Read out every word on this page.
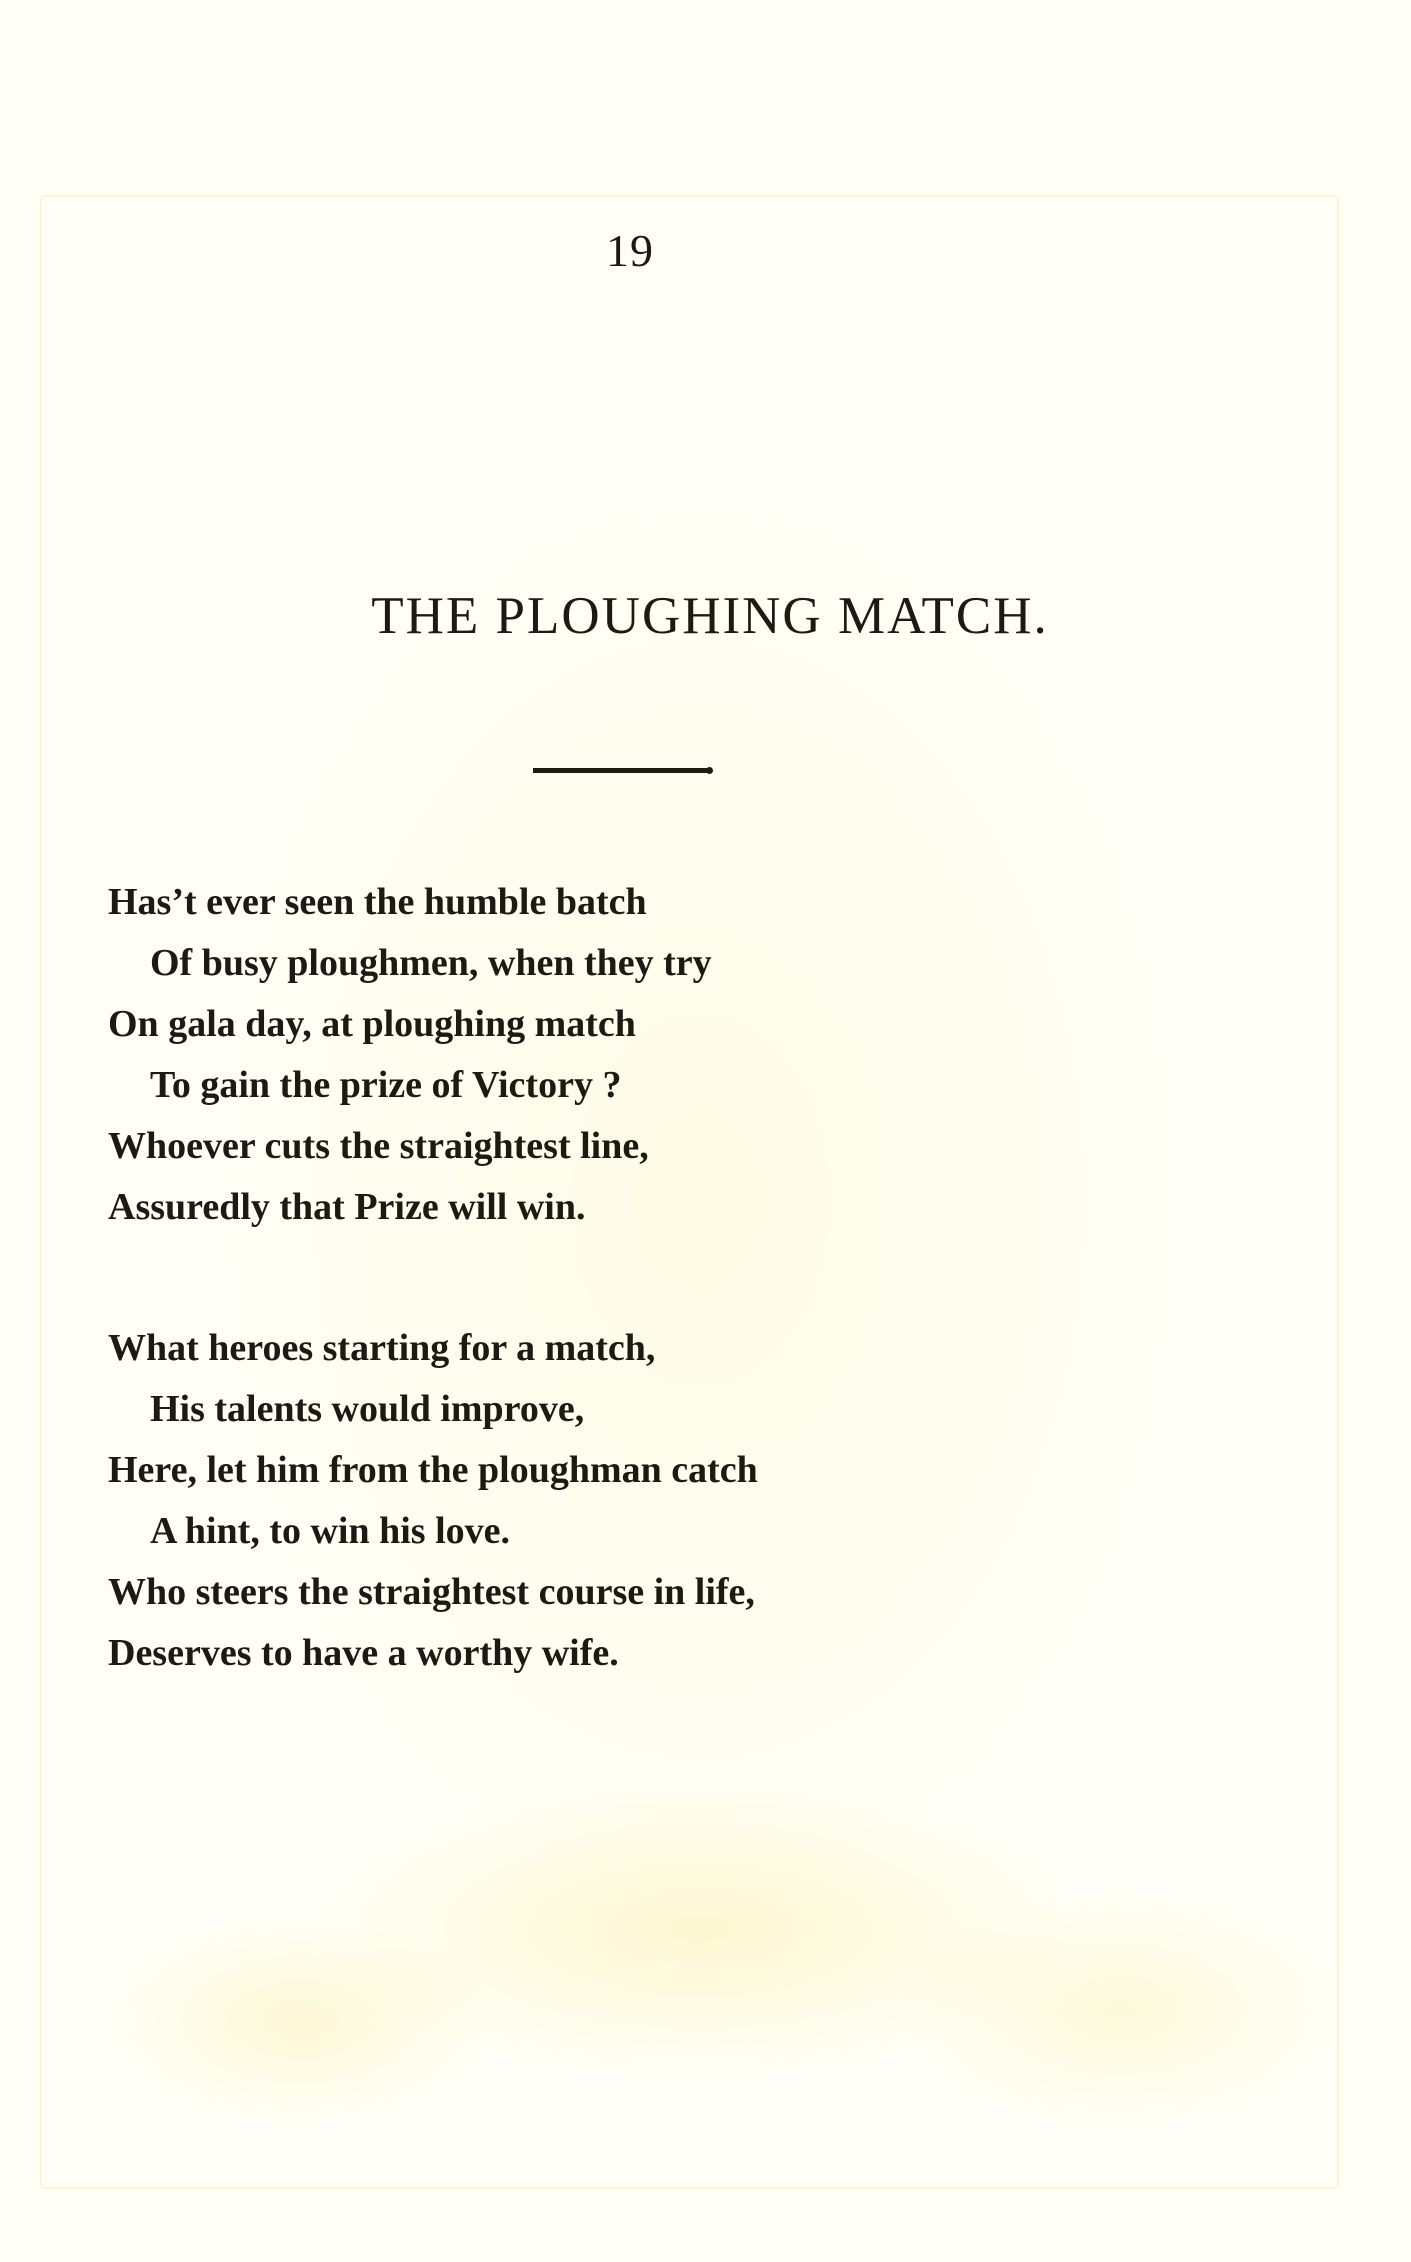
19
THE PLOUGHING MATCH.
Has’t ever seen the humble batch
Of busy ploughmen, when they try
On gala day, at ploughing match
To gain the prize of Victory ?
Whoever cuts the straightest line,
Assuredly that Prize will win.
What heroes starting for a match,
His talents would improve,
Here, let him from the ploughman catch
A hint, to win his love.
Who steers the straightest course in life,
Deserves to have a worthy wife.
